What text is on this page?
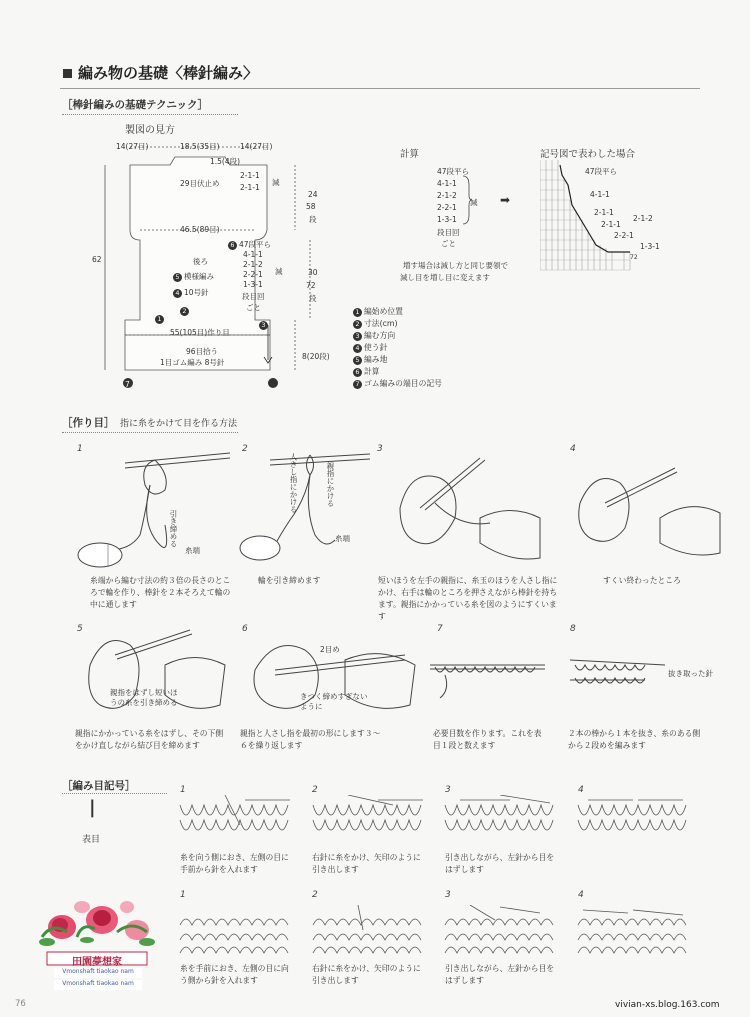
編み物の基礎〈棒針編み〉
［棒針編みの基礎テクニック］
製図の見方
14(27目)	18.5(35目)	14(27目)
1.5(4段)
29目伏止め
2-1-1
2-1-1
減
24
58
段
46.5(89目)
6 47段平ら
4-1-1
2-1-2
2-2-1
1-3-1
減
段目回
ごと
30
72
段
62	後ろ
5 模様編み
4 10号針
2
1
3
55(105目)作り目
96目拾う
1目ゴム編み 8号針
8(20段)
7
1 編始め位置
2 寸法(cm)
3 編む方向
4 使う針
5 編み地
6 計算
7 ゴム編みの端目の記号
計算
47段平ら
4-1-1
2-1-2
2-2-1
1-3-1
減
段目回
ごと
➡
増す場合は減し方と同じ要領で
減し目を増し目に変えます
記号図で表わした場合
47段平ら
4-1-1
2-1-1
2-1-2
2-1-1
2-2-1
1-3-1
72
［作り目］ 指に糸をかけて目を作る方法
1	2	3	4
5	6	7	8
引き締める
糸端
人さし指にかける	親指にかける
糸端
糸端から編む寸法の約３倍の長さのところで輪を作り、棒針を２本そろえて輪の中に通します
輪を引き締めます	短いほうを左手の親指に、糸玉のほうを人さし指にかけ、右手は輪のところを押さえながら棒針を持ちます。親指にかかっている糸を図のようにすくいます
すくい終わったところ
親指をはずし短いほうの糸を引き締める
2目め
きつく締めすぎないように
抜き取った針
親指にかかっている糸をはずし、その下側をかけ直しながら結び目を締めます
親指と人さし指を最初の形にします３〜６を繰り返します
必要目数を作ります。これを表目１段と数えます
２本の棒から１本を抜き、糸のある側から２段めを編みます
［編み目記号］
|
表目
1	2	3	4
糸を向う側におき、左側の目に手前から針を入れます
右針に糸をかけ、矢印のように引き出します
引き出しながら、左針から目をはずします
1	2	3	4
糸を手前におき、左側の目に向う側から針を入れます
右針に糸をかけ、矢印のように引き出します
引き出しながら、左針から目をはずします
田園夢想家
Vmonshaft tiaokao nam
Vmonshaft tiaokao nam
76	vivian-xs.blog.163.com
